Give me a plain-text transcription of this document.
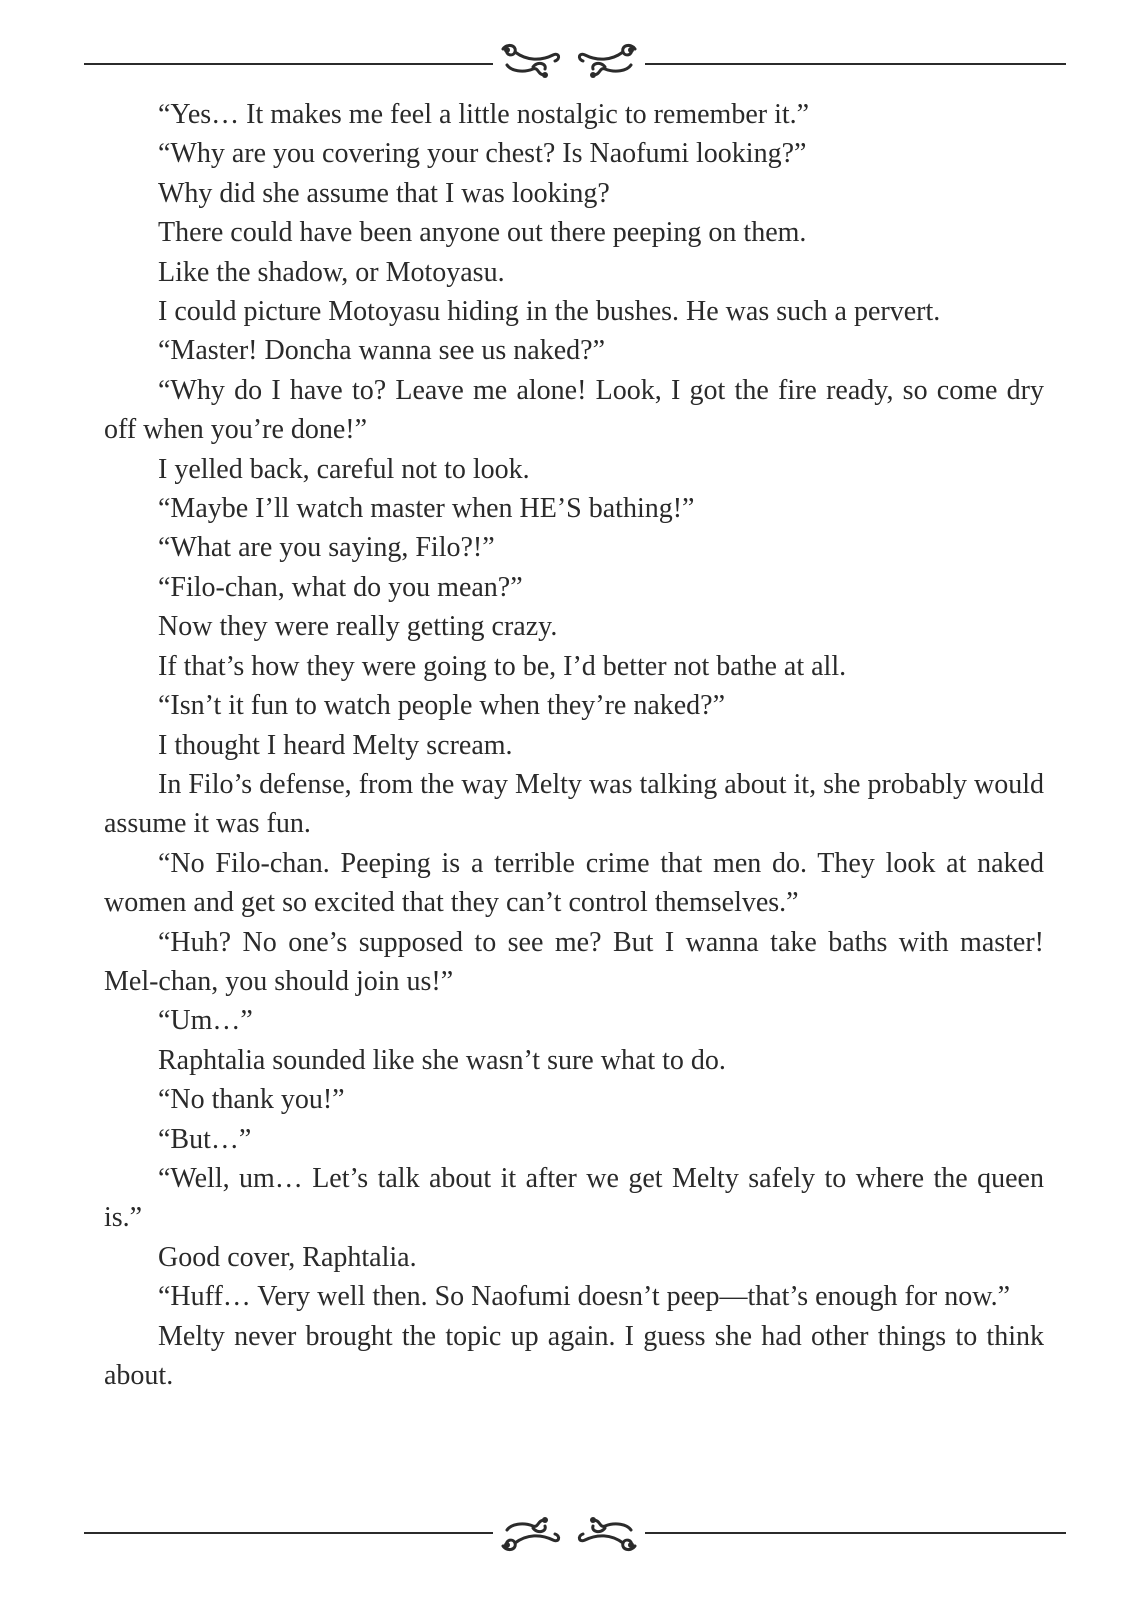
“Yes… It makes me feel a little nostalgic to remember it.”

“Why are you covering your chest? Is Naofumi looking?”

Why did she assume that I was looking?

There could have been anyone out there peeping on them.

Like the shadow, or Motoyasu.

I could picture Motoyasu hiding in the bushes. He was such a pervert.

“Master! Doncha wanna see us naked?”

“Why do I have to? Leave me alone! Look, I got the fire ready, so come dry off when you’re done!”

I yelled back, careful not to look.

“Maybe I’ll watch master when HE’S bathing!”

“What are you saying, Filo?!”

“Filo-chan, what do you mean?”

Now they were really getting crazy.

If that’s how they were going to be, I’d better not bathe at all.

“Isn’t it fun to watch people when they’re naked?”

I thought I heard Melty scream.

In Filo’s defense, from the way Melty was talking about it, she probably would assume it was fun.

“No Filo-chan. Peeping is a terrible crime that men do. They look at naked women and get so excited that they can’t control themselves.”

“Huh? No one’s supposed to see me? But I wanna take baths with master! Mel-chan, you should join us!”

“Um…”

Raphtalia sounded like she wasn’t sure what to do.

“No thank you!”

“But…”

“Well, um… Let’s talk about it after we get Melty safely to where the queen is.”

Good cover, Raphtalia.

“Huff… Very well then. So Naofumi doesn’t peep—that’s enough for now.”

Melty never brought the topic up again. I guess she had other things to think about.
